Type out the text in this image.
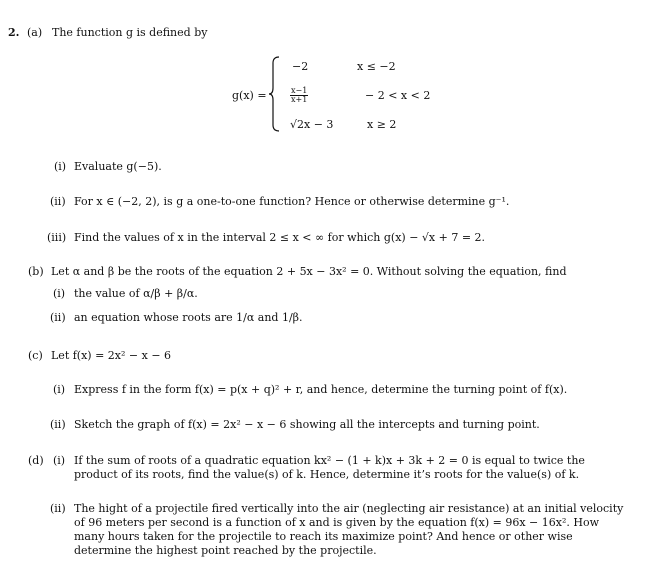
2. (a) The function g is defined by
g(x) =
−2	x ≤ −2
$\frac{x-1}{x+1}$	− 2 < x < 2
√2x − 3	x ≥ 2
(i) Evaluate g(−5).
(ii) For x ∈ (−2, 2), is g a one-to-one function? Hence or otherwise determine g⁻¹.
(iii) Find the values of x in the interval 2 ≤ x < ∞ for which g(x) − √x + 7 = 2.
(b) Let α and β be the roots of the equation 2 + 5x − 3x² = 0. Without solving the equation, find
(i) the value of α/β + β/α.
(ii) an equation whose roots are 1/α and 1/β.
(c) Let f(x) = 2x² − x − 6
(i) Express f in the form f(x) = p(x + q)² + r, and hence, determine the turning point of f(x).
(ii) Sketch the graph of f(x) = 2x² − x − 6 showing all the intercepts and turning point.
(d) (i) If the sum of roots of a quadratic equation kx² − (1 + k)x + 3k + 2 = 0 is equal to twice the product of its roots, find the value(s) of k. Hence, determine it’s roots for the value(s) of k.
(ii) The hight of a projectile fired vertically into the air (neglecting air resistance) at an initial velocity of 96 meters per second is a function of x and is given by the equation f(x) = 96x − 16x². How many hours taken for the projectile to reach its maximize point? And hence or other wise determine the highest point reached by the projectile.
